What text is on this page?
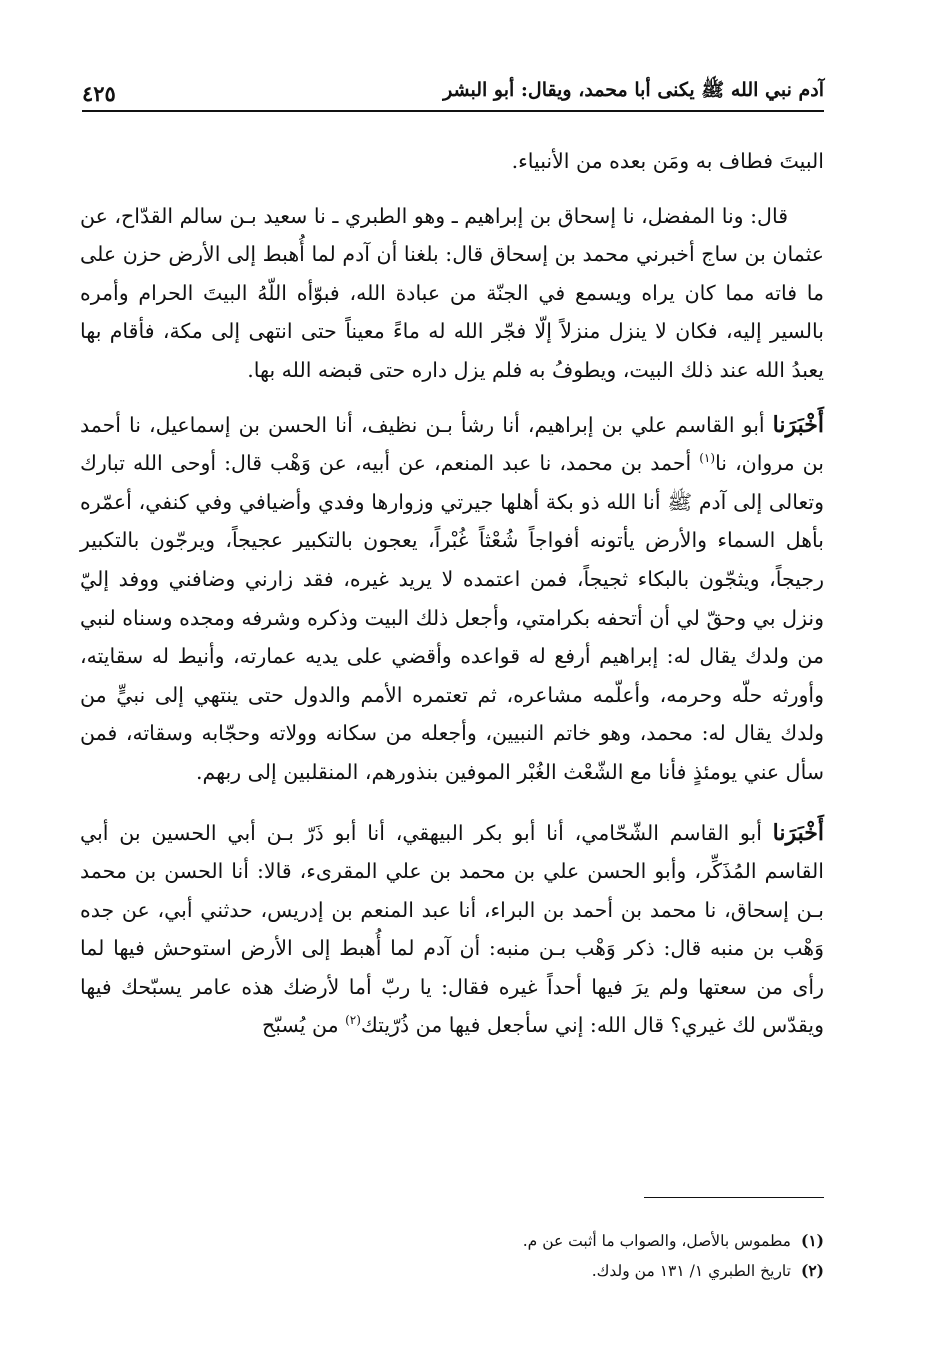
آدم نبي الله ﷺ يكنى أبا محمد، ويقال: أبو البشر
٤٢٥

البيتَ فطاف به ومَن بعده من الأنبياء.

قال: ونا المفضل، نا إسحاق بن إبراهيم ـ وهو الطبري ـ نا سعيد بـن سالم القدّاح، عن عثمان بن ساج أخبرني محمد بن إسحاق قال: بلغنا أن آدم لما أُهبط إلى الأرض حزن على ما فاته مما كان يراه ويسمع في الجنّة من عبادة الله، فبوّأه اللّهُ البيتَ الحرام وأمره بالسير إليه، فكان لا ينزل منزلاً إلّا فجّر الله له ماءً معيناً حتى انتهى إلى مكة، فأقام بها يعبدُ الله عند ذلك البيت، ويطوفُ به فلم يزل داره حتى قبضه الله بها.

أَخْبَرَنا أبو القاسم علي بن إبراهيم، أنا رشأ بـن نظيف، أنا الحسن بن إسماعيل، نا أحمد بن مروان، نا$^{(١)}$ أحمد بن محمد، نا عبد المنعم، عن أبيه، عن وَهْب قال: أوحى الله تبارك وتعالى إلى آدم ﷺ أنا الله ذو بكة أهلها جيرتي وزوارها وفدي وأضيافي وفي كنفي، أعمّره بأهل السماء والأرض يأتونه أفواجاً شُعْثاً غُبْراً، يعجون بالتكبير عجيجاً، ويرجّون بالتكبير رجيجاً، ويثجّون بالبكاء ثجيجاً، فمن اعتمده لا يريد غيره، فقد زارني وضافني ووفد إليّ ونزل بي وحقّ لي أن أتحفه بكرامتي، وأجعل ذلك البيت وذكره وشرفه ومجده وسناه لنبي من ولدك يقال له: إبراهيم أرفع له قواعده وأقضي على يديه عمارته، وأنيط له سقايته، وأورثه حلّه وحرمه، وأعلّمه مشاعره، ثم تعتمره الأمم والدول حتى ينتهي إلى نبيٍّ من ولدك يقال له: محمد، وهو خاتم النبيين، وأجعله من سكانه وولاته وحجّابه وسقاته، فمن سأل عني يومئذٍ فأنا مع الشّعْث الغُبْر الموفين بنذورهم، المنقلبين إلى ربهم.

أَخْبَرَنا أبو القاسم الشّحّامي، أنا أبو بكر البيهقي، أنا أبو ذَرّ بـن أبي الحسين بن أبي القاسم المُذَكِّر، وأبو الحسن علي بن محمد بن علي المقرىء، قالا: أنا الحسن بن محمد بـن إسحاق، نا محمد بن أحمد بن البراء، أنا عبد المنعم بن إدريس، حدثني أبي، عن جده وَهْب بن منبه قال: ذكر وَهْب بـن منبه: أن آدم لما أُهبط إلى الأرض استوحش فيها لما رأى من سعتها ولم يرَ فيها أحداً غيره فقال: يا ربّ أما لأرضك هذه عامر يسبّحك فيها ويقدّس لك غيري؟ قال الله: إني سأجعل فيها من ذُرّيتك$^{(٢)}$ من يُسبّح

(١)
مطموس بالأصل، والصواب ما أثبت عن م.
(٢)
تاريخ الطبري ١/ ١٣١ من ولدك.
